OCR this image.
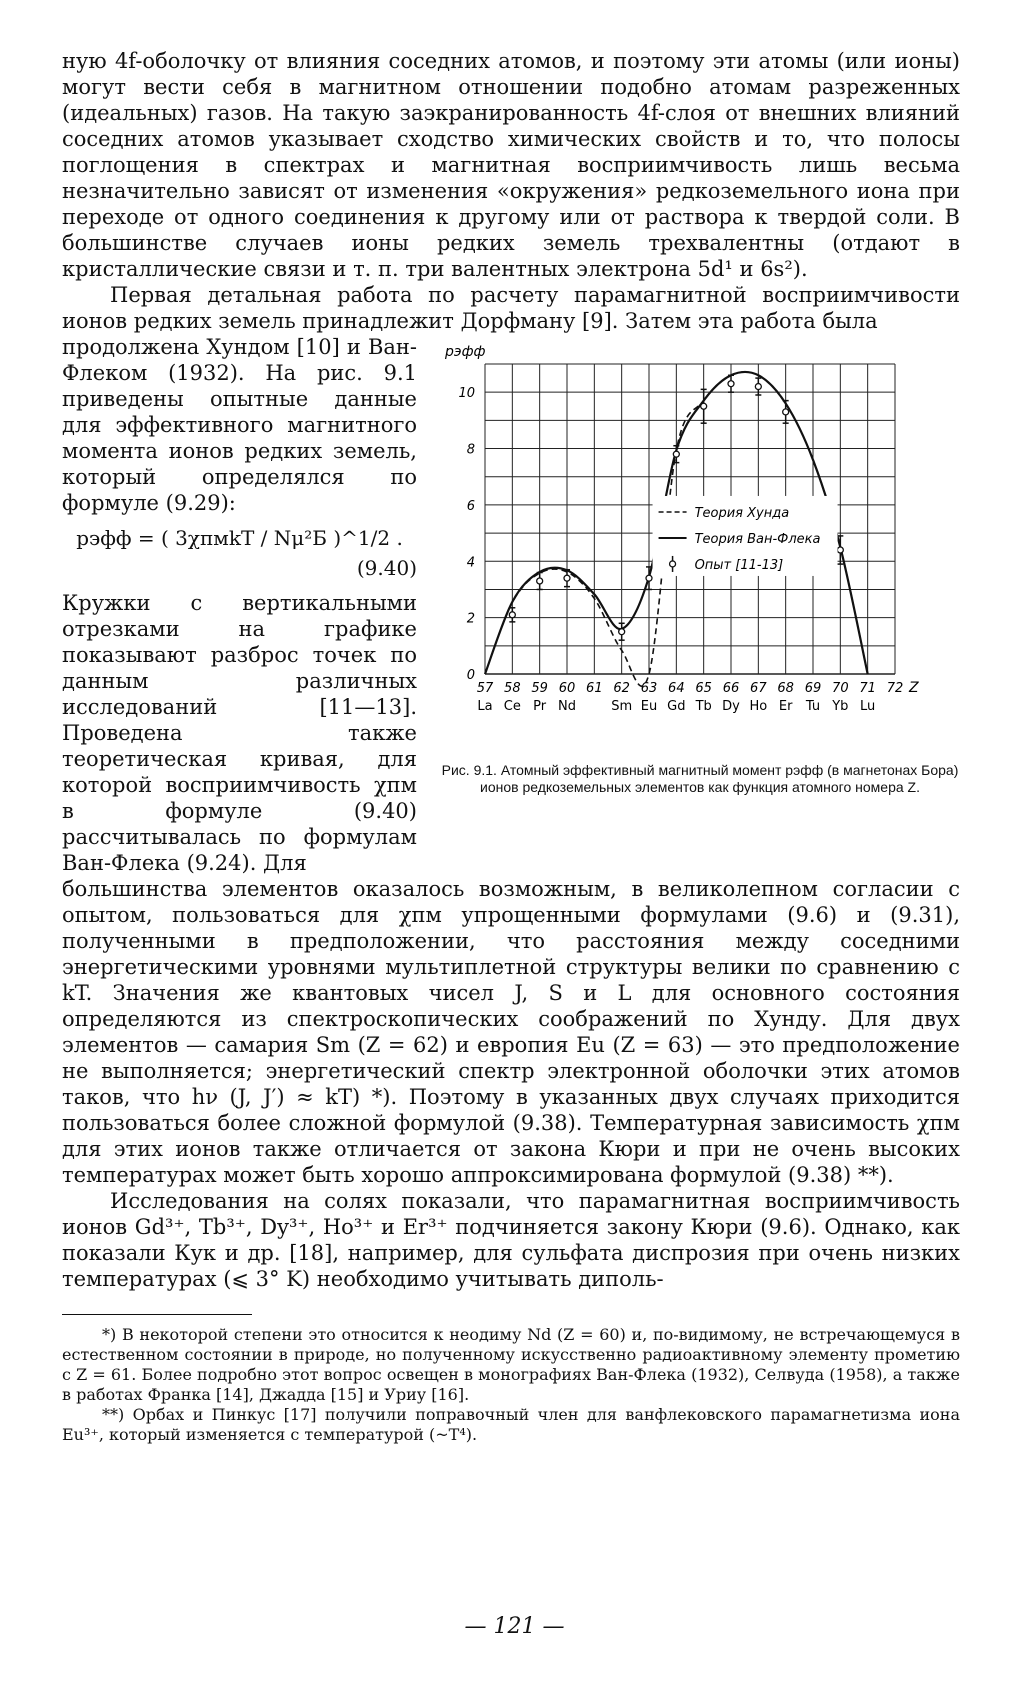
ную 4f-оболочку от влияния соседних атомов, и поэтому эти атомы (или ионы) могут вести себя в магнитном отношении подобно атомам разреженных (идеальных) газов. На такую заэкранированность 4f-слоя от внешних влияний соседних атомов указывает сходство химических свойств и то, что полосы поглощения в спектрах и магнитная восприимчивость лишь весьма незначительно зависят от изменения «окружения» редкоземельного иона при переходе от одного соединения к другому или от раствора к твердой соли. В большинстве случаев ионы редких земель трехвалентны (отдают в кристаллические связи и т. п. три валентных электрона 5d¹ и 6s²).

Первая детальная работа по расчету парамагнитной восприимчивости ионов редких земель принадлежит Дорфману [9]. Затем эта работа была

57 58 59 60 61 62 63 64 65 66 67 68 69 70 71 72
0
2
4
6
8
10
La Ce Pr Nd	Sm Eu Gd Tb Dy Ho Er Tu Yb Lu
pэфф
Z
Теория Хунда
Теория Ван-Флека
Опыт [11-13]
Рис. 9.1. Атомный эффективный магнитный момент pэфф (в магнетонах Бора) ионов редкоземельных элементов как функция атомного номера Z.

продолжена Хундом [10] и Ван-Флеком (1932). На рис. 9.1 приведены опытные данные для эффективного магнитного момента ионов редких земель, который определялся по формуле (9.29):

pэфф = ( 3χпмkT / Nμ²Б )^1/2 .
(9.40)

Кружки с вертикальными отрезками на графике показывают разброс точек по данным различных исследований [11—13]. Проведена также теоретическая кривая, для которой восприимчивость χпм в формуле (9.40) рассчитывалась по формулам Ван-Флека (9.24). Для

большинства элементов оказалось возможным, в великолепном согласии с опытом, пользоваться для χпм упрощенными формулами (9.6) и (9.31), полученными в предположении, что расстояния между соседними энергетическими уровнями мультиплетной структуры велики по сравнению с kT. Значения же квантовых чисел J, S и L для основного состояния определяются из спектроскопических соображений по Хунду. Для двух элементов — самария Sm (Z = 62) и европия Eu (Z = 63) — это предположение не выполняется; энергетический спектр электронной оболочки этих атомов таков, что hν (J, J′) ≈ kT) *). Поэтому в указанных двух случаях приходится пользоваться более сложной формулой (9.38). Температурная зависимость χпм для этих ионов также отличается от закона Кюри и при не очень высоких температурах может быть хорошо аппроксимирована формулой (9.38) **).

Исследования на солях показали, что парамагнитная восприимчивость ионов Gd³⁺, Tb³⁺, Dy³⁺, Ho³⁺ и Er³⁺ подчиняется закону Кюри (9.6). Однако, как показали Кук и др. [18], например, для сульфата диспрозия при очень низких температурах (⩽ 3° K) необходимо учитывать диполь-

*) В некоторой степени это относится к неодиму Nd (Z = 60) и, по-видимому, не встречающемуся в естественном состоянии в природе, но полученному искусственно радиоактивному элементу прометию с Z = 61. Более подробно этот вопрос освещен в монографиях Ван-Флека (1932), Селвуда (1958), а также в работах Франка [14], Джадда [15] и Уриу [16].

**) Орбах и Пинкус [17] получили поправочный член для ванфлековского парамагнетизма иона Eu³⁺, который изменяется с температурой (~T⁴).

— 121 —
